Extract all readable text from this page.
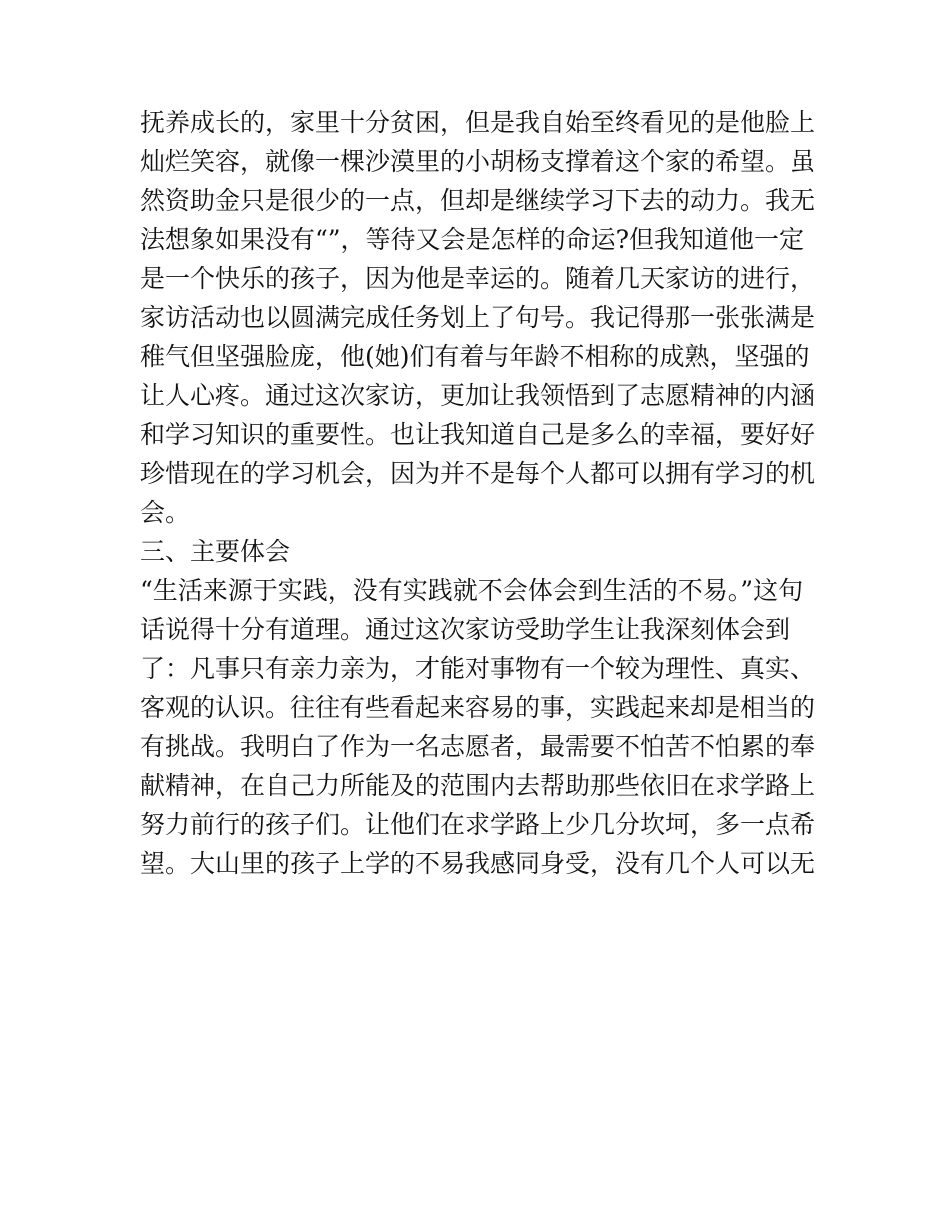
抚养成长的，家里十分贫困，但是我自始至终看见的是他脸上
灿烂笑容，就像一棵沙漠里的小胡杨支撑着这个家的希望。虽
然资助金只是很少的一点，但却是继续学习下去的动力。我无
法想象如果没有“”，等待又会是怎样的命运?但我知道他一定
是一个快乐的孩子，因为他是幸运的。随着几天家访的进行，
家访活动也以圆满完成任务划上了句号。我记得那一张张满是
稚气但坚强脸庞，他(她)们有着与年龄不相称的成熟，坚强的
让人心疼。通过这次家访，更加让我领悟到了志愿精神的内涵
和学习知识的重要性。也让我知道自己是多么的幸福，要好好
珍惜现在的学习机会，因为并不是每个人都可以拥有学习的机
会。
三、主要体会
“生活来源于实践，没有实践就不会体会到生活的不易。”这句
话说得十分有道理。通过这次家访受助学生让我深刻体会到
了：凡事只有亲力亲为，才能对事物有一个较为理性、真实、
客观的认识。往往有些看起来容易的事，实践起来却是相当的
有挑战。我明白了作为一名志愿者，最需要不怕苦不怕累的奉
献精神，在自己力所能及的范围内去帮助那些依旧在求学路上
努力前行的孩子们。让他们在求学路上少几分坎坷，多一点希
望。大山里的孩子上学的不易我感同身受，没有几个人可以无
